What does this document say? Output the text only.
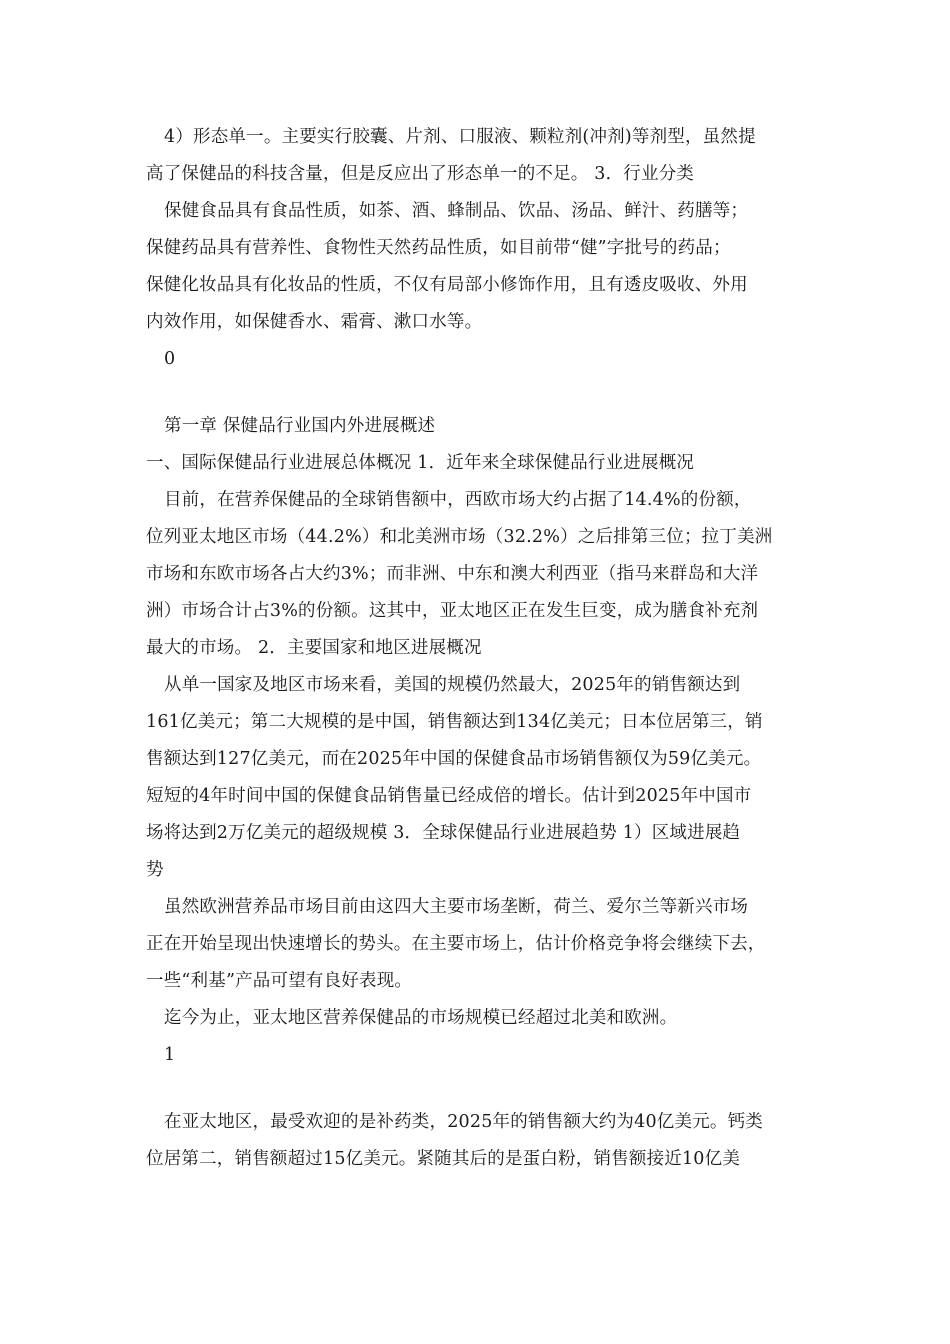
4）形态单一。主要实行胶囊、片剂、口服液、颗粒剂(冲剂)等剂型，虽然提
高了保健品的科技含量，但是反应出了形态单一的不足。 3．行业分类
保健食品具有食品性质，如茶、酒、蜂制品、饮品、汤品、鲜汁、药膳等；
保健药品具有营养性、食物性天然药品性质，如目前带“健”字批号的药品；
保健化妆品具有化妆品的性质，不仅有局部小修饰作用，且有透皮吸收、外用
内效作用，如保健香水、霜膏、漱口水等。
0
第一章 保健品行业国内外进展概述
一、国际保健品行业进展总体概况 1．近年来全球保健品行业进展概况
目前，在营养保健品的全球销售额中，西欧市场大约占据了14.4%的份额，
位列亚太地区市场（44.2%）和北美洲市场（32.2%）之后排第三位；拉丁美洲
市场和东欧市场各占大约3%；而非洲、中东和澳大利西亚（指马来群岛和大洋
洲）市场合计占3%的份额。这其中，亚太地区正在发生巨变，成为膳食补充剂
最大的市场。 2．主要国家和地区进展概况
从单一国家及地区市场来看，美国的规模仍然最大，2025年的销售额达到
161亿美元；第二大规模的是中国，销售额达到134亿美元；日本位居第三，销
售额达到127亿美元，而在2025年中国的保健食品市场销售额仅为59亿美元。
短短的4年时间中国的保健食品销售量已经成倍的增长。估计到2025年中国市
场将达到2万亿美元的超级规模 3．全球保健品行业进展趋势 1）区域进展趋
势
虽然欧洲营养品市场目前由这四大主要市场垄断，荷兰、爱尔兰等新兴市场
正在开始呈现出快速增长的势头。在主要市场上，估计价格竞争将会继续下去，
一些“利基”产品可望有良好表现。
迄今为止，亚太地区营养保健品的市场规模已经超过北美和欧洲。
1
在亚太地区，最受欢迎的是补药类，2025年的销售额大约为40亿美元。钙类
位居第二，销售额超过15亿美元。紧随其后的是蛋白粉，销售额接近10亿美
